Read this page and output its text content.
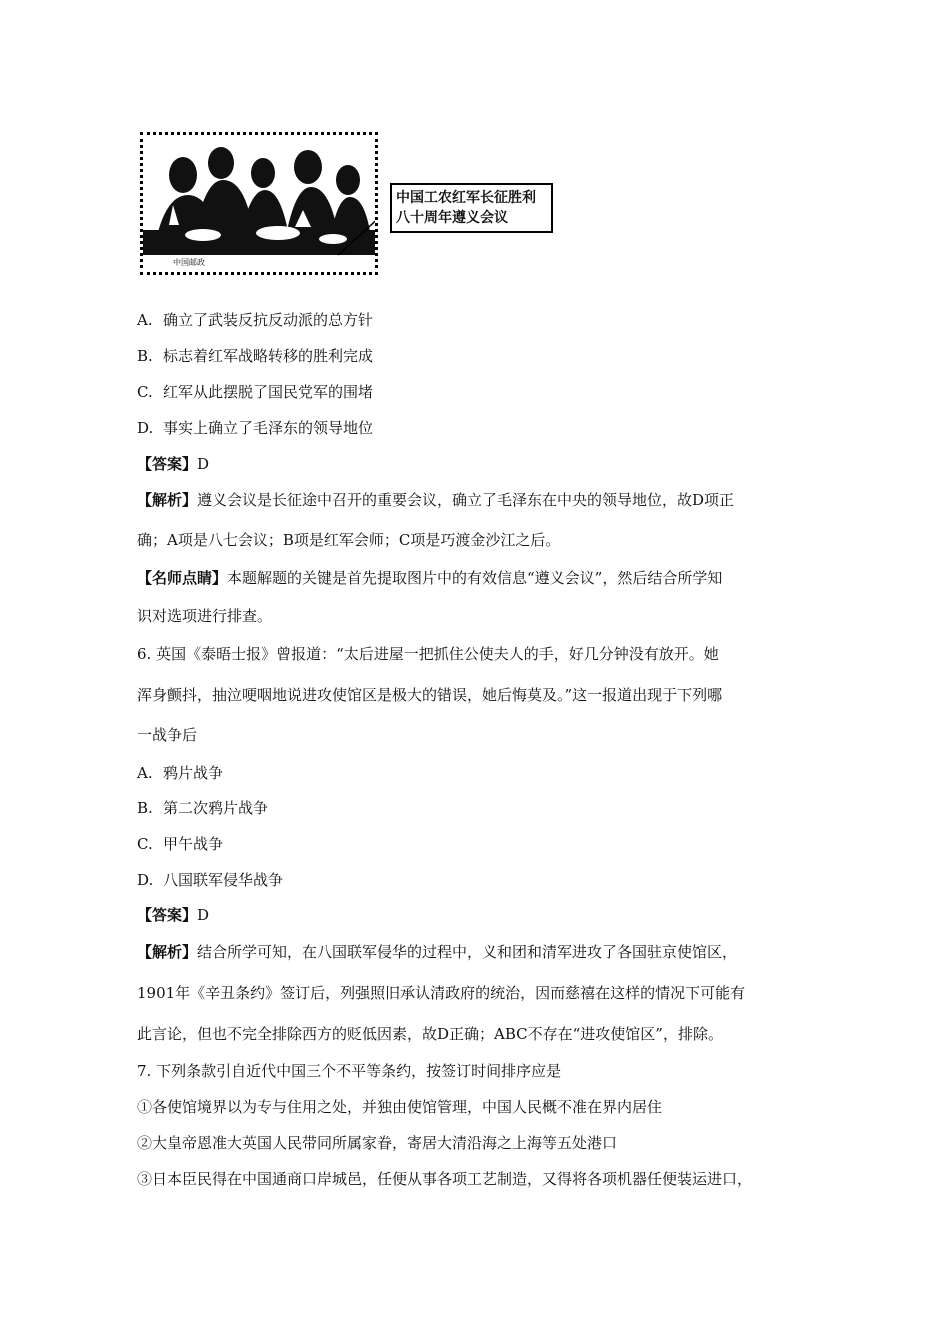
中国邮政
中国工农红军长征胜利八十周年遵义会议
A. 确立了武装反抗反动派的总方针
B. 标志着红军战略转移的胜利完成
C. 红军从此摆脱了国民党军的围堵
D. 事实上确立了毛泽东的领导地位
【答案】D
【解析】遵义会议是长征途中召开的重要会议，确立了毛泽东在中央的领导地位，故D项正
确；A项是八七会议；B项是红军会师；C项是巧渡金沙江之后。
【名师点睛】本题解题的关键是首先提取图片中的有效信息“遵义会议”，然后结合所学知
识对选项进行排查。
6. 英国《泰晤士报》曾报道：“太后进屋一把抓住公使夫人的手，好几分钟没有放开。她
浑身颤抖，抽泣哽咽地说进攻使馆区是极大的错误，她后悔莫及。”这一报道出现于下列哪
一战争后
A. 鸦片战争
B. 第二次鸦片战争
C. 甲午战争
D. 八国联军侵华战争
【答案】D
【解析】结合所学可知，在八国联军侵华的过程中，义和团和清军进攻了各国驻京使馆区，
1901年《辛丑条约》签订后，列强照旧承认清政府的统治，因而慈禧在这样的情况下可能有
此言论，但也不完全排除西方的贬低因素，故D正确；ABC不存在“进攻使馆区”，排除。
7. 下列条款引自近代中国三个不平等条约，按签订时间排序应是
①各使馆境界以为专与住用之处，并独由使馆管理，中国人民概不准在界内居住
②大皇帝恩准大英国人民带同所属家眷，寄居大清沿海之上海等五处港口
③日本臣民得在中国通商口岸城邑，任便从事各项工艺制造，又得将各项机器任便装运进口，
